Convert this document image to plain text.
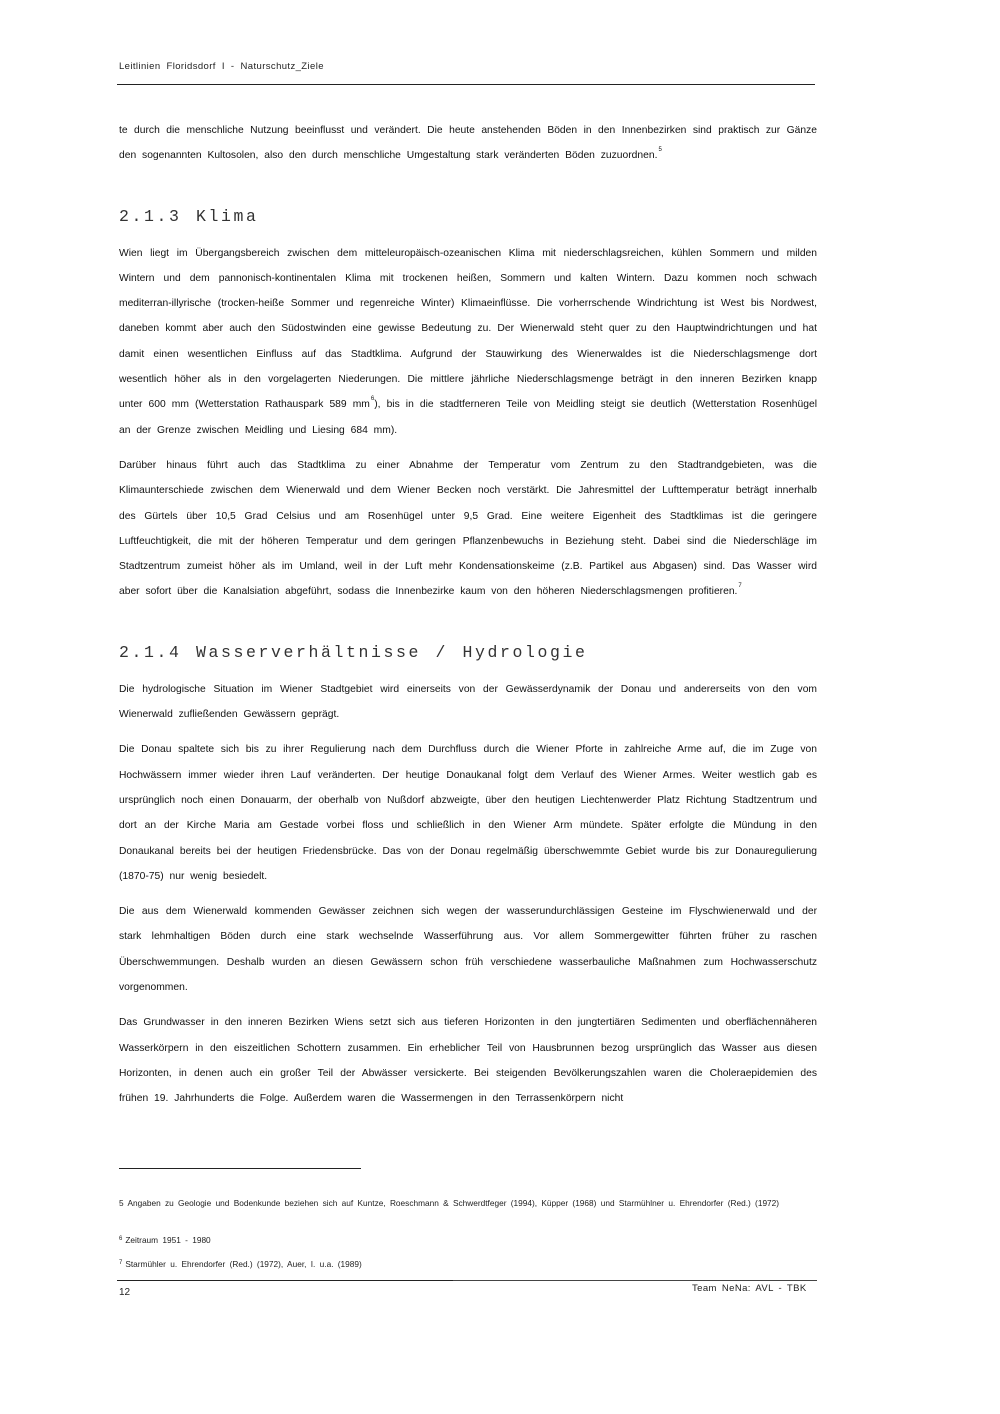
Leitlinien Floridsdorf I - Naturschutz_Ziele

te durch die menschliche Nutzung beeinflusst und verändert. Die heute anstehenden Böden in den Innenbezirken sind praktisch zur Gänze den sogenannten Kultosolen, also den durch menschliche Umgestaltung stark veränderten Böden zuzuordnen.$^5$

2.1.3 Klima

Wien liegt im Übergangsbereich zwischen dem mitteleuropäisch-ozeanischen Klima mit niederschlagsreichen, kühlen Sommern und milden Wintern und dem pannonisch-kontinentalen Klima mit trockenen heißen, Sommern und kalten Wintern. Dazu kommen noch schwach mediterran-illyrische (trocken-heiße Sommer und regenreiche Winter) Klimaeinflüsse. Die vorherrschende Windrichtung ist West bis Nordwest, daneben kommt aber auch den Südostwinden eine gewisse Bedeutung zu. Der Wienerwald steht quer zu den Hauptwindrichtungen und hat damit einen wesentlichen Einfluss auf das Stadtklima. Aufgrund der Stauwirkung des Wienerwaldes ist die Niederschlagsmenge dort wesentlich höher als in den vorgelagerten Niederungen. Die mittlere jährliche Niederschlagsmenge beträgt in den inneren Bezirken knapp unter 600 mm (Wetterstation Rathauspark 589 $mm^6$), bis in die stadtferneren Teile von Meidling steigt sie deutlich (Wetterstation Rosenhügel an der Grenze zwischen Meidling und Liesing 684 mm).

Darüber hinaus führt auch das Stadtklima zu einer Abnahme der Temperatur vom Zentrum zu den Stadtrandgebieten, was die Klimaunterschiede zwischen dem Wienerwald und dem Wiener Becken noch verstärkt. Die Jahresmittel der Lufttemperatur beträgt innerhalb des Gürtels über 10,5 Grad Celsius und am Rosenhügel unter 9,5 Grad. Eine weitere Eigenheit des Stadtklimas ist die geringere Luftfeuchtigkeit, die mit der höheren Temperatur und dem geringen Pflanzenbewuchs in Beziehung steht. Dabei sind die Niederschläge im Stadtzentrum zumeist höher als im Umland, weil in der Luft mehr Kondensationskeime (z.B. Partikel aus Abgasen) sind. Das Wasser wird aber sofort über die Kanalsiation abgeführt, sodass die Innenbezirke kaum von den höheren Niederschlagsmengen profitieren.$^7$

2.1.4 Wasserverhältnisse / Hydrologie

Die hydrologische Situation im Wiener Stadtgebiet wird einerseits von der Gewässerdynamik der Donau und andererseits von den vom Wienerwald zufließenden Gewässern geprägt.

Die Donau spaltete sich bis zu ihrer Regulierung nach dem Durchfluss durch die Wiener Pforte in zahlreiche Arme auf, die im Zuge von Hochwässern immer wieder ihren Lauf veränderten. Der heutige Donaukanal folgt dem Verlauf des Wiener Armes. Weiter westlich gab es ursprünglich noch einen Donauarm, der oberhalb von Nußdorf abzweigte, über den heutigen Liechtenwerder Platz Richtung Stadtzentrum und dort an der Kirche Maria am Gestade vorbei floss und schließlich in den Wiener Arm mündete. Später erfolgte die Mündung in den Donaukanal bereits bei der heutigen Friedensbrücke. Das von der Donau regelmäßig überschwemmte Gebiet wurde bis zur Donauregulierung (1870-75) nur wenig besiedelt.

Die aus dem Wienerwald kommenden Gewässer zeichnen sich wegen der wasserundurchlässigen Gesteine im Flyschwienerwald und der stark lehmhaltigen Böden durch eine stark wechselnde Wasserführung aus. Vor allem Sommergewitter führten früher zu raschen Überschwemmungen. Deshalb wurden an diesen Gewässern schon früh verschiedene wasserbauliche Maßnahmen zum Hochwasserschutz vorgenommen.

Das Grundwasser in den inneren Bezirken Wiens setzt sich aus tieferen Horizonten in den jungtertiären Sedimenten und oberflächennäheren Wasserkörpern in den eiszeitlichen Schottern zusammen. Ein erheblicher Teil von Hausbrunnen bezog ursprünglich das Wasser aus diesen Horizonten, in denen auch ein großer Teil der Abwässer versickerte. Bei steigenden Bevölkerungszahlen waren die Choleraepidemien des frühen 19. Jahrhunderts die Folge. Außerdem waren die Wassermengen in den Terrassenkörpern nicht

5 Angaben zu Geologie und Bodenkunde beziehen sich auf Kuntze, Roeschmann & Schwerdtfeger (1994), Küpper (1968) und Starmühlner u. Ehrendorfer (Red.) (1972)
$^6$ Zeitraum 1951 - 1980
$^7$ Starmühler u. Ehrendorfer (Red.) (1972), Auer, I. u.a. (1989)
12	Team NeNa: AVL - TBK
